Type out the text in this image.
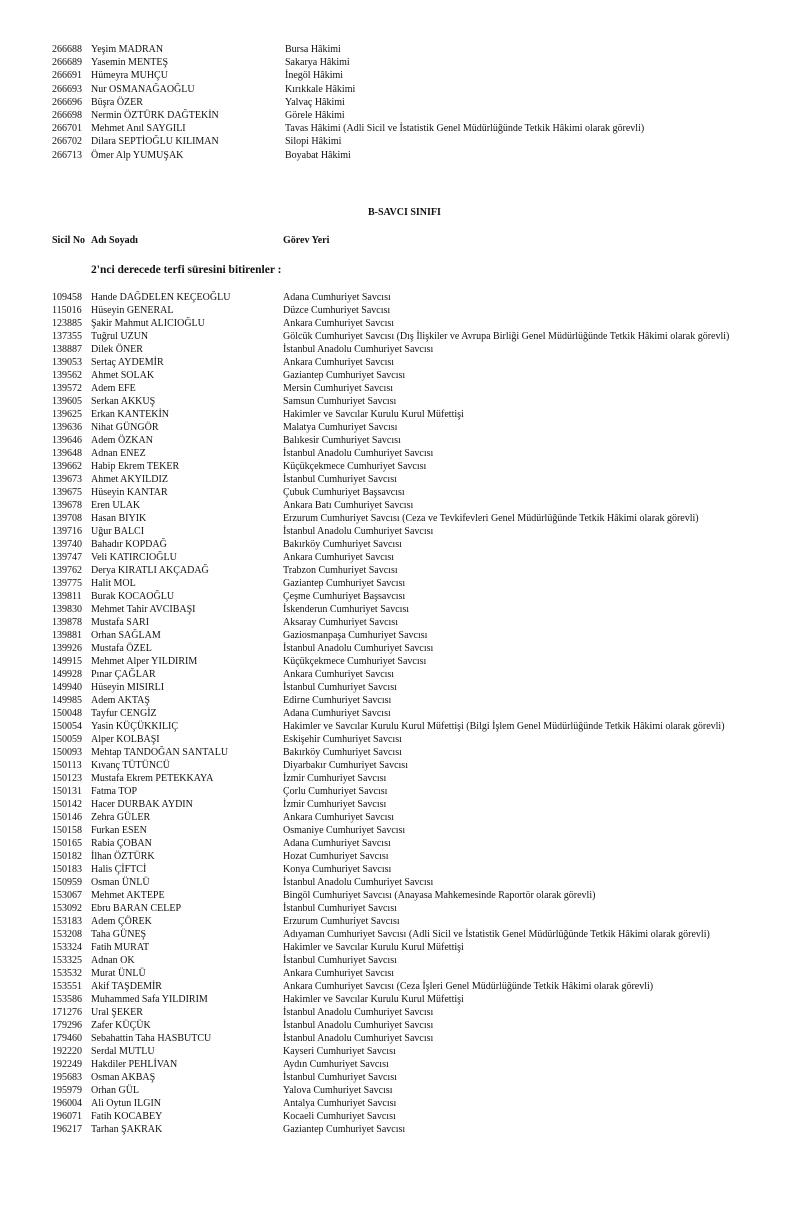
266688 Yeşim MADRAN	Bursa Hâkimi
266689 Yasemin MENTEŞ	Sakarya Hâkimi
266691 Hümeyra MUHÇU	İnegöl Hâkimi
266693 Nur OSMANAĞAOĞLU	Kırıkkale Hâkimi
266696 Büşra ÖZER	Yalvaç Hâkimi
266698 Nermin ÖZTÜRK DAĞTEKİN	Görele Hâkimi
266701 Mehmet Anıl SAYGILI	Tavas Hâkimi (Adli Sicil ve İstatistik Genel Müdürlüğünde Tetkik Hâkimi olarak görevli)
266702 Dilara SEPTİOĞLU KILIMAN	Silopi Hâkimi
266713 Ömer Alp YUMUŞAK	Boyabat Hâkimi
B-SAVCI SINIFI
Sicil No Adı Soyadı	Görev Yeri
2'nci derecede terfi süresini bitirenler :
109458 Hande DAĞDELEN KEÇEOĞLU	Adana Cumhuriyet Savcısı
115016 Hüseyin GENERAL	Düzce Cumhuriyet Savcısı
123885 Şakir Mahmut ALICIOĞLU	Ankara Cumhuriyet Savcısı
137355 Tuğrul UZUN	Gölcük Cumhuriyet Savcısı (Dış İlişkiler ve Avrupa Birliği Genel Müdürlüğünde Tetkik Hâkimi olarak görevli)
138887 Dilek ÖNER	İstanbul Anadolu Cumhuriyet Savcısı
139053 Sertaç AYDEMİR	Ankara Cumhuriyet Savcısı
139562 Ahmet SOLAK	Gaziantep Cumhuriyet Savcısı
139572 Adem EFE	Mersin Cumhuriyet Savcısı
139605 Serkan AKKUŞ	Samsun Cumhuriyet Savcısı
139625 Erkan KANTEKİN	Hakimler ve Savcılar Kurulu Kurul Müfettişi
139636 Nihat GÜNGÖR	Malatya Cumhuriyet Savcısı
139646 Adem ÖZKAN	Balıkesir Cumhuriyet Savcısı
139648 Adnan ENEZ	İstanbul Anadolu Cumhuriyet Savcısı
139662 Habip Ekrem TEKER	Küçükçekmece Cumhuriyet Savcısı
139673 Ahmet AKYILDIZ	İstanbul Cumhuriyet Savcısı
139675 Hüseyin KANTAR	Çubuk Cumhuriyet Başsavcısı
139678 Eren ULAK	Ankara Batı Cumhuriyet Savcısı
139708 Hasan BIYIK	Erzurum Cumhuriyet Savcısı (Ceza ve Tevkifevleri Genel Müdürlüğünde Tetkik Hâkimi olarak görevli)
139716 Uğur BALCI	İstanbul Anadolu Cumhuriyet Savcısı
139740 Bahadır KOPDAĞ	Bakırköy Cumhuriyet Savcısı
139747 Veli KATIRCIOĞLU	Ankara Cumhuriyet Savcısı
139762 Derya KIRATLI AKÇADAĞ	Trabzon Cumhuriyet Savcısı
139775 Halit MOL	Gaziantep Cumhuriyet Savcısı
139811 Burak KOCAOĞLU	Çeşme Cumhuriyet Başsavcısı
139830 Mehmet Tahir AVCIBAŞI	İskenderun Cumhuriyet Savcısı
139878 Mustafa SARI	Aksaray Cumhuriyet Savcısı
139881 Orhan SAĞLAM	Gaziosmanpaşa Cumhuriyet Savcısı
139926 Mustafa ÖZEL	İstanbul Anadolu Cumhuriyet Savcısı
149915 Mehmet Alper YILDIRIM	Küçükçekmece Cumhuriyet Savcısı
149928 Pınar ÇAĞLAR	Ankara Cumhuriyet Savcısı
149940 Hüseyin MISIRLI	İstanbul Cumhuriyet Savcısı
149985 Adem AKTAŞ	Edirne Cumhuriyet Savcısı
150048 Tayfur CENGİZ	Adana Cumhuriyet Savcısı
150054 Yasin KÜÇÜKKILIÇ	Hakimler ve Savcılar Kurulu Kurul Müfettişi (Bilgi İşlem Genel Müdürlüğünde Tetkik Hâkimi olarak görevli)
150059 Alper KOLBAŞI	Eskişehir Cumhuriyet Savcısı
150093 Mehtap TANDOĞAN SANTALU	Bakırköy Cumhuriyet Savcısı
150113 Kıvanç TÜTÜNCÜ	Diyarbakır Cumhuriyet Savcısı
150123 Mustafa Ekrem PETEKKAYA	İzmir Cumhuriyet Savcısı
150131 Fatma TOP	Çorlu Cumhuriyet Savcısı
150142 Hacer DURBAK AYDIN	İzmir Cumhuriyet Savcısı
150146 Zehra GÜLER	Ankara Cumhuriyet Savcısı
150158 Furkan ESEN	Osmaniye Cumhuriyet Savcısı
150165 Rabia ÇOBAN	Adana Cumhuriyet Savcısı
150182 İlhan ÖZTÜRK	Hozat Cumhuriyet Savcısı
150183 Halis ÇİFTCİ	Konya Cumhuriyet Savcısı
150959 Osman ÜNLÜ	İstanbul Anadolu Cumhuriyet Savcısı
153067 Mehmet AKTEPE	Bingöl Cumhuriyet Savcısı (Anayasa Mahkemesinde Raportör olarak görevli)
153092 Ebru BARAN CELEP	İstanbul Cumhuriyet Savcısı
153183 Adem ÇÖREK	Erzurum Cumhuriyet Savcısı
153208 Taha GÜNEŞ	Adıyaman Cumhuriyet Savcısı (Adli Sicil ve İstatistik Genel Müdürlüğünde Tetkik Hâkimi olarak görevli)
153324 Fatih MURAT	Hakimler ve Savcılar Kurulu Kurul Müfettişi
153325 Adnan OK	İstanbul Cumhuriyet Savcısı
153532 Murat ÜNLÜ	Ankara Cumhuriyet Savcısı
153551 Akif TAŞDEMİR	Ankara Cumhuriyet Savcısı (Ceza İşleri Genel Müdürlüğünde Tetkik Hâkimi olarak görevli)
153586 Muhammed Safa YILDIRIM	Hakimler ve Savcılar Kurulu Kurul Müfettişi
171276 Ural ŞEKER	İstanbul Anadolu Cumhuriyet Savcısı
179296 Zafer KÜÇÜK	İstanbul Anadolu Cumhuriyet Savcısı
179460 Sebahattin Taha HASBUTCU	İstanbul Anadolu Cumhuriyet Savcısı
192220 Serdal MUTLU	Kayseri Cumhuriyet Savcısı
192249 Hakdiler PEHLİVAN	Aydın Cumhuriyet Savcısı
195683 Osman AKBAŞ	İstanbul Cumhuriyet Savcısı
195979 Orhan GÜL	Yalova Cumhuriyet Savcısı
196004 Ali Oytun ILGIN	Antalya Cumhuriyet Savcısı
196071 Fatih KOCABEY	Kocaeli Cumhuriyet Savcısı
196217 Tarhan ŞAKRAK	Gaziantep Cumhuriyet Savcısı
